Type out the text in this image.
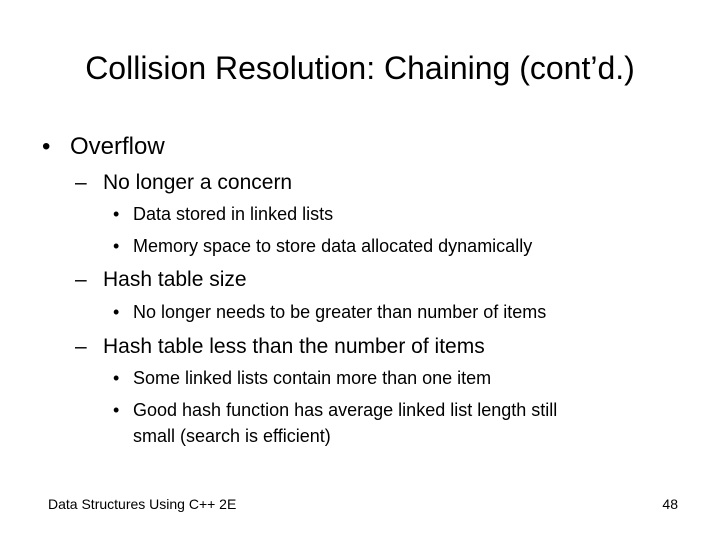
Collision Resolution: Chaining (cont’d.)
• Overflow
– No longer a concern
• Data stored in linked lists
• Memory space to store data allocated dynamically
– Hash table size
• No longer needs to be greater than number of items
– Hash table less than the number of items
• Some linked lists contain more than one item
• Good hash function has average linked list length still
small (search is efficient)
Data Structures Using C++ 2E	48
